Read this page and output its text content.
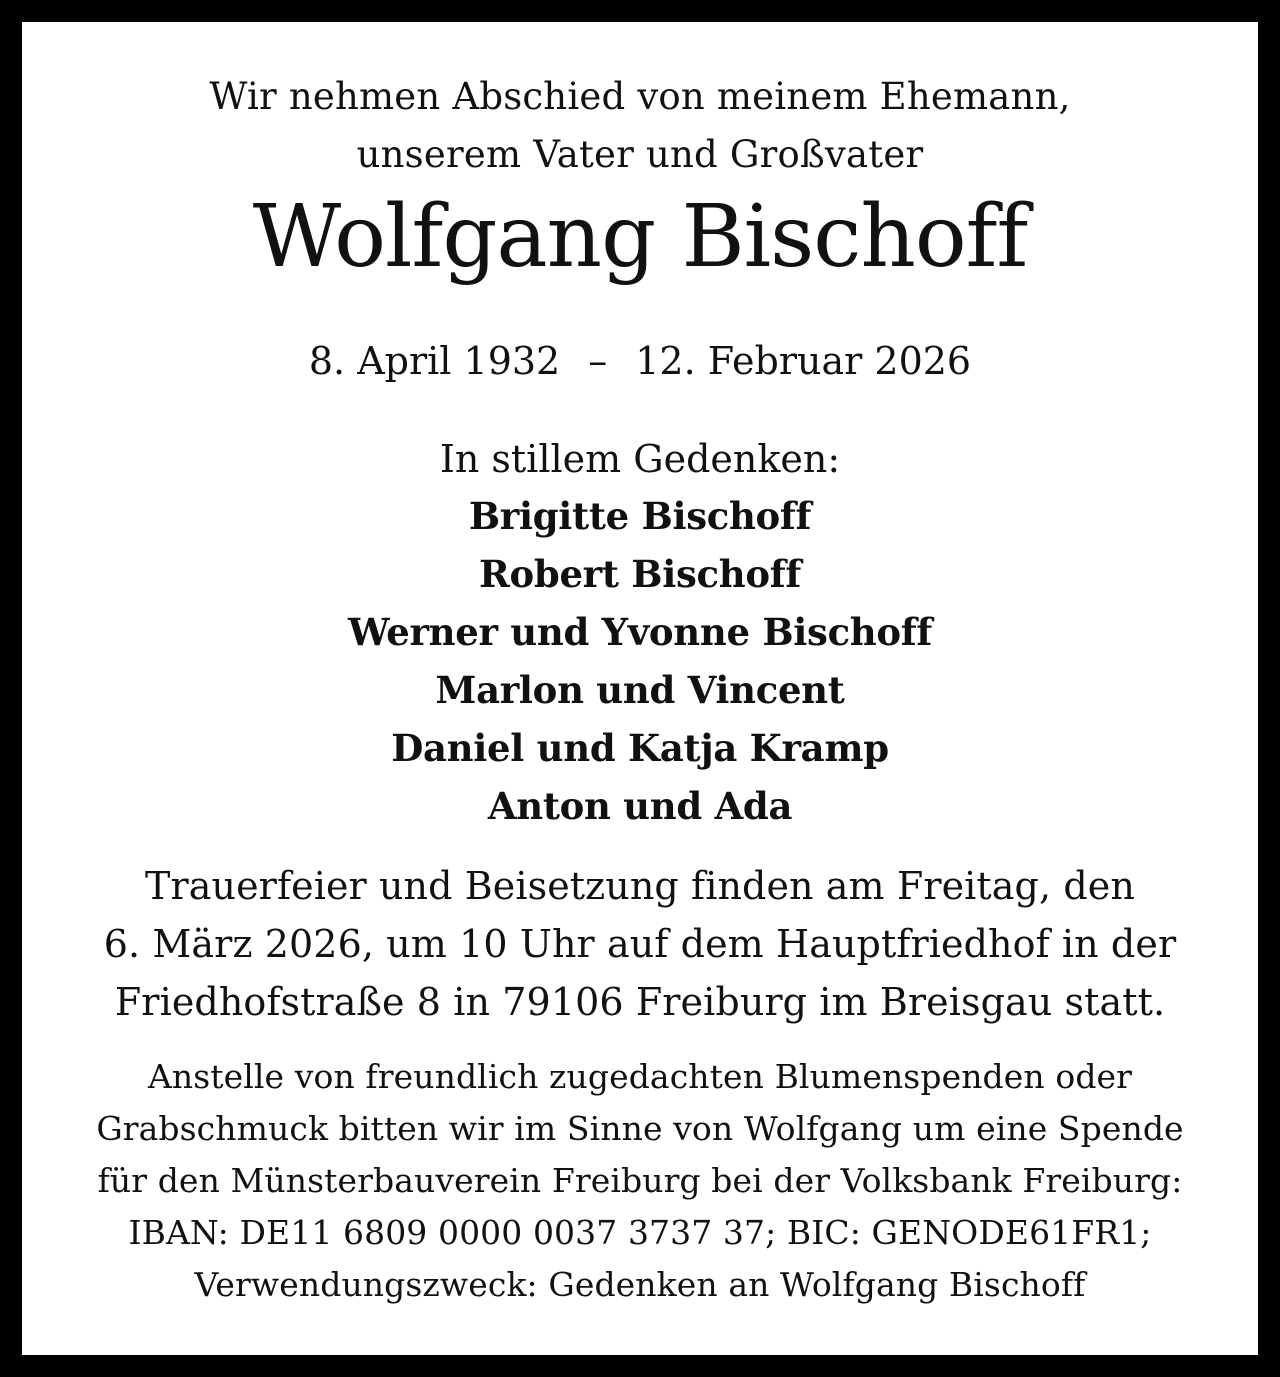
Wir nehmen Abschied von meinem Ehemann,
unserem Vater und Großvater
Wolfgang Bischoff
8. April 1932 – 12. Februar 2026
In stillem Gedenken:
Brigitte Bischoff
Robert Bischoff
Werner und Yvonne Bischoff
Marlon und Vincent
Daniel und Katja Kramp
Anton und Ada
Trauerfeier und Beisetzung finden am Freitag, den
6. März 2026, um 10 Uhr auf dem Hauptfriedhof in der
Friedhofstraße 8 in 79106 Freiburg im Breisgau statt.
Anstelle von freundlich zugedachten Blumenspenden oder
Grabschmuck bitten wir im Sinne von Wolfgang um eine Spende
für den Münsterbauverein Freiburg bei der Volksbank Freiburg:
IBAN: DE11 6809 0000 0037 3737 37; BIC: GENODE61FR1;
Verwendungszweck: Gedenken an Wolfgang Bischoff
